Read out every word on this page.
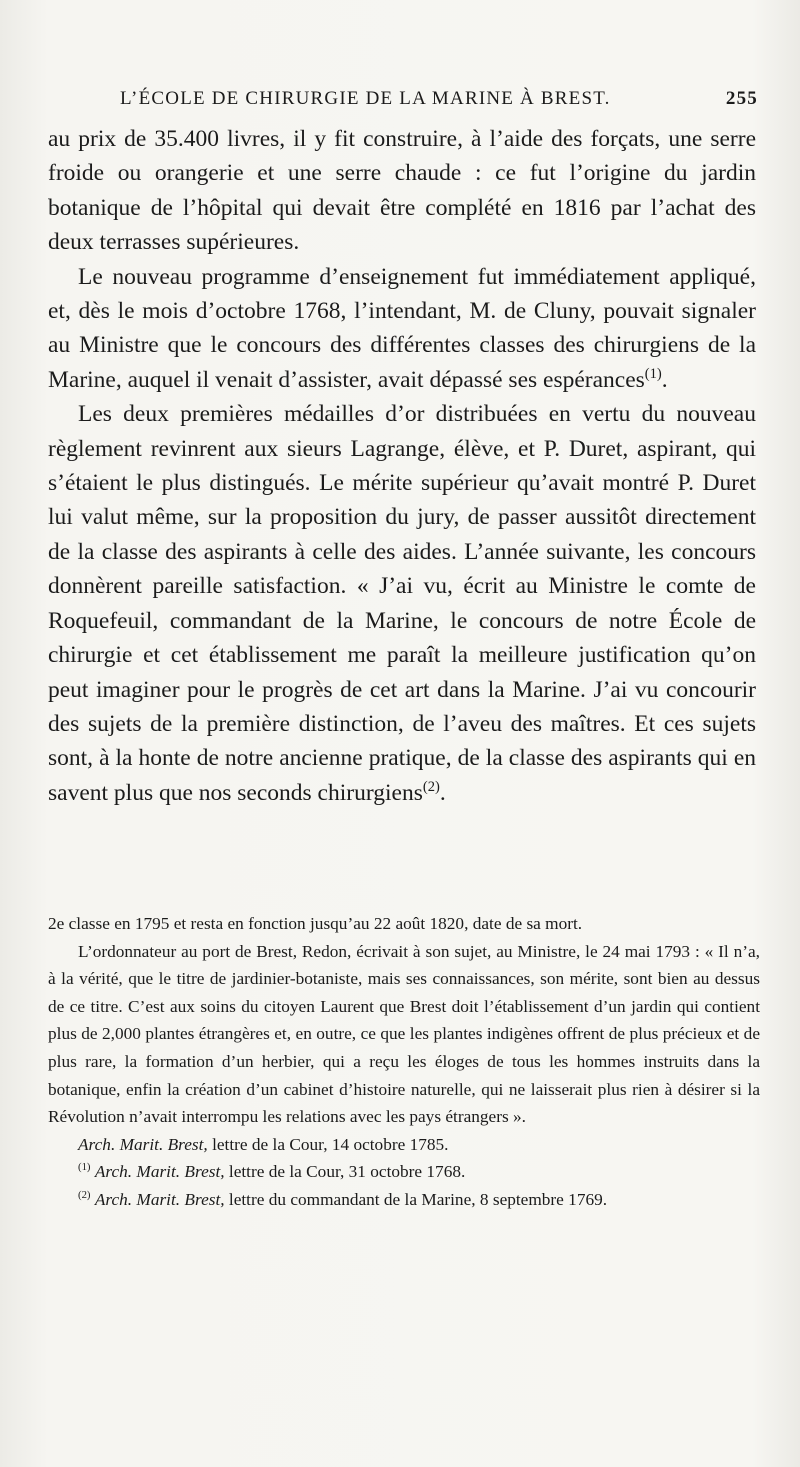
L’ÉCOLE DE CHIRURGIE DE LA MARINE À BREST.	255

au prix de 35.400 livres, il y fit construire, à l’aide des forçats, une serre froide ou orangerie et une serre chaude : ce fut l’origine du jardin botanique de l’hôpital qui devait être complété en 1816 par l’achat des deux terrasses supérieures.

Le nouveau programme d’enseignement fut immédiatement appliqué, et, dès le mois d’octobre 1768, l’intendant, M. de Cluny, pouvait signaler au Ministre que le concours des différentes classes des chirurgiens de la Marine, auquel il venait d’assister, avait dépassé ses espérances$^{(1)}$.

Les deux premières médailles d’or distribuées en vertu du nouveau règlement revinrent aux sieurs Lagrange, élève, et P. Duret, aspirant, qui s’étaient le plus distingués. Le mérite supérieur qu’avait montré P. Duret lui valut même, sur la proposition du jury, de passer aussitôt directement de la classe des aspirants à celle des aides. L’année suivante, les concours donnèrent pareille satisfaction. « J’ai vu, écrit au Ministre le comte de Roquefeuil, commandant de la Marine, le concours de notre École de chirurgie et cet établissement me paraît la meilleure justification qu’on peut imaginer pour le progrès de cet art dans la Marine. J’ai vu concourir des sujets de la première distinction, de l’aveu des maîtres. Et ces sujets sont, à la honte de notre ancienne pratique, de la classe des aspirants qui en savent plus que nos seconds chirurgiens$^{(2)}$.

2e classe en 1795 et resta en fonction jusqu’au 22 août 1820, date de sa mort.

L’ordonnateur au port de Brest, Redon, écrivait à son sujet, au Ministre, le 24 mai 1793 : « Il n’a, à la vérité, que le titre de jardinier-botaniste, mais ses connaissances, son mérite, sont bien au dessus de ce titre. C’est aux soins du citoyen Laurent que Brest doit l’établissement d’un jardin qui contient plus de 2,000 plantes étrangères et, en outre, ce que les plantes indigènes offrent de plus précieux et de plus rare, la formation d’un herbier, qui a reçu les éloges de tous les hommes instruits dans la botanique, enfin la création d’un cabinet d’histoire naturelle, qui ne laisserait plus rien à désirer si la Révolution n’avait interrompu les relations avec les pays étrangers ».

Arch. Marit. Brest, lettre de la Cour, 14 octobre 1785.

$^{(1)}$ Arch. Marit. Brest, lettre de la Cour, 31 octobre 1768.

$^{(2)}$ Arch. Marit. Brest, lettre du commandant de la Marine, 8 septembre 1769.
